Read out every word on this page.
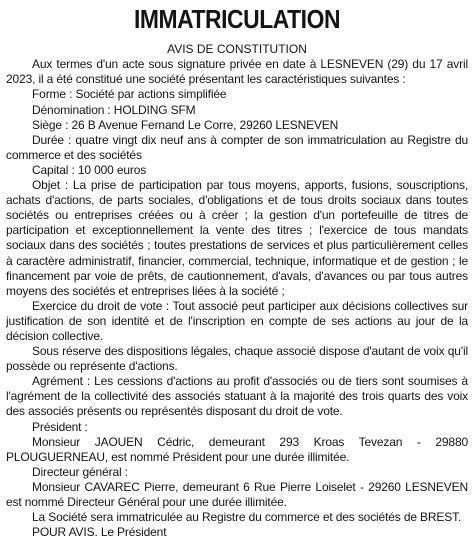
IMMATRICULATION

AVIS DE CONSTITUTION

Aux termes d'un acte sous signature privée en date à LESNEVEN (29) du 17 avril 2023, il a été constitué une société présentant les caractéristiques suivantes :

Forme : Société par actions simplifiée

Dénomination : HOLDING SFM

Siège : 26 B Avenue Fernand Le Corre, 29260 LESNEVEN

Durée : quatre vingt dix neuf ans à compter de son immatriculation au Registre du commerce et des sociétés

Capital : 10 000 euros

Objet : La prise de participation par tous moyens, apports, fusions, souscriptions, achats d'actions, de parts sociales, d'obligations et de tous droits sociaux dans toutes sociétés ou entreprises créées ou à créer ; la gestion d'un portefeuille de titres de participation et exceptionnellement la vente des titres ; l'exercice de tous mandats sociaux dans des sociétés ; toutes prestations de services et plus particulièrement celles à caractère administratif, financier, commercial, technique, informatique et de gestion ; le financement par voie de prêts, de cautionnement, d'avals, d'avances ou par tous autres moyens des sociétés et entreprises liées à la société ;

Exercice du droit de vote : Tout associé peut participer aux décisions collectives sur justification de son identité et de l'inscription en compte de ses actions au jour de la décision collective.

Sous réserve des dispositions légales, chaque associé dispose d'autant de voix qu'il possède ou représente d'actions.

Agrément : Les cessions d'actions au profit d'associés ou de tiers sont soumises à l'agrément de la collectivité des associés statuant à la majorité des trois quarts des voix des associés présents ou représentés disposant du droit de vote.

Président :

Monsieur JAOUEN Cédric, demeurant 293 Kroas Tevezan - 29880 PLOUGUERNEAU, est nommé Président pour une durée illimitée.

Directeur général :

Monsieur CAVAREC Pierre, demeurant 6 Rue Pierre Loiselet - 29260 LESNEVEN est nommé Directeur Général pour une durée illimitée.

La Société sera immatriculée au Registre du commerce et des sociétés de BREST.

POUR AVIS. Le Président
